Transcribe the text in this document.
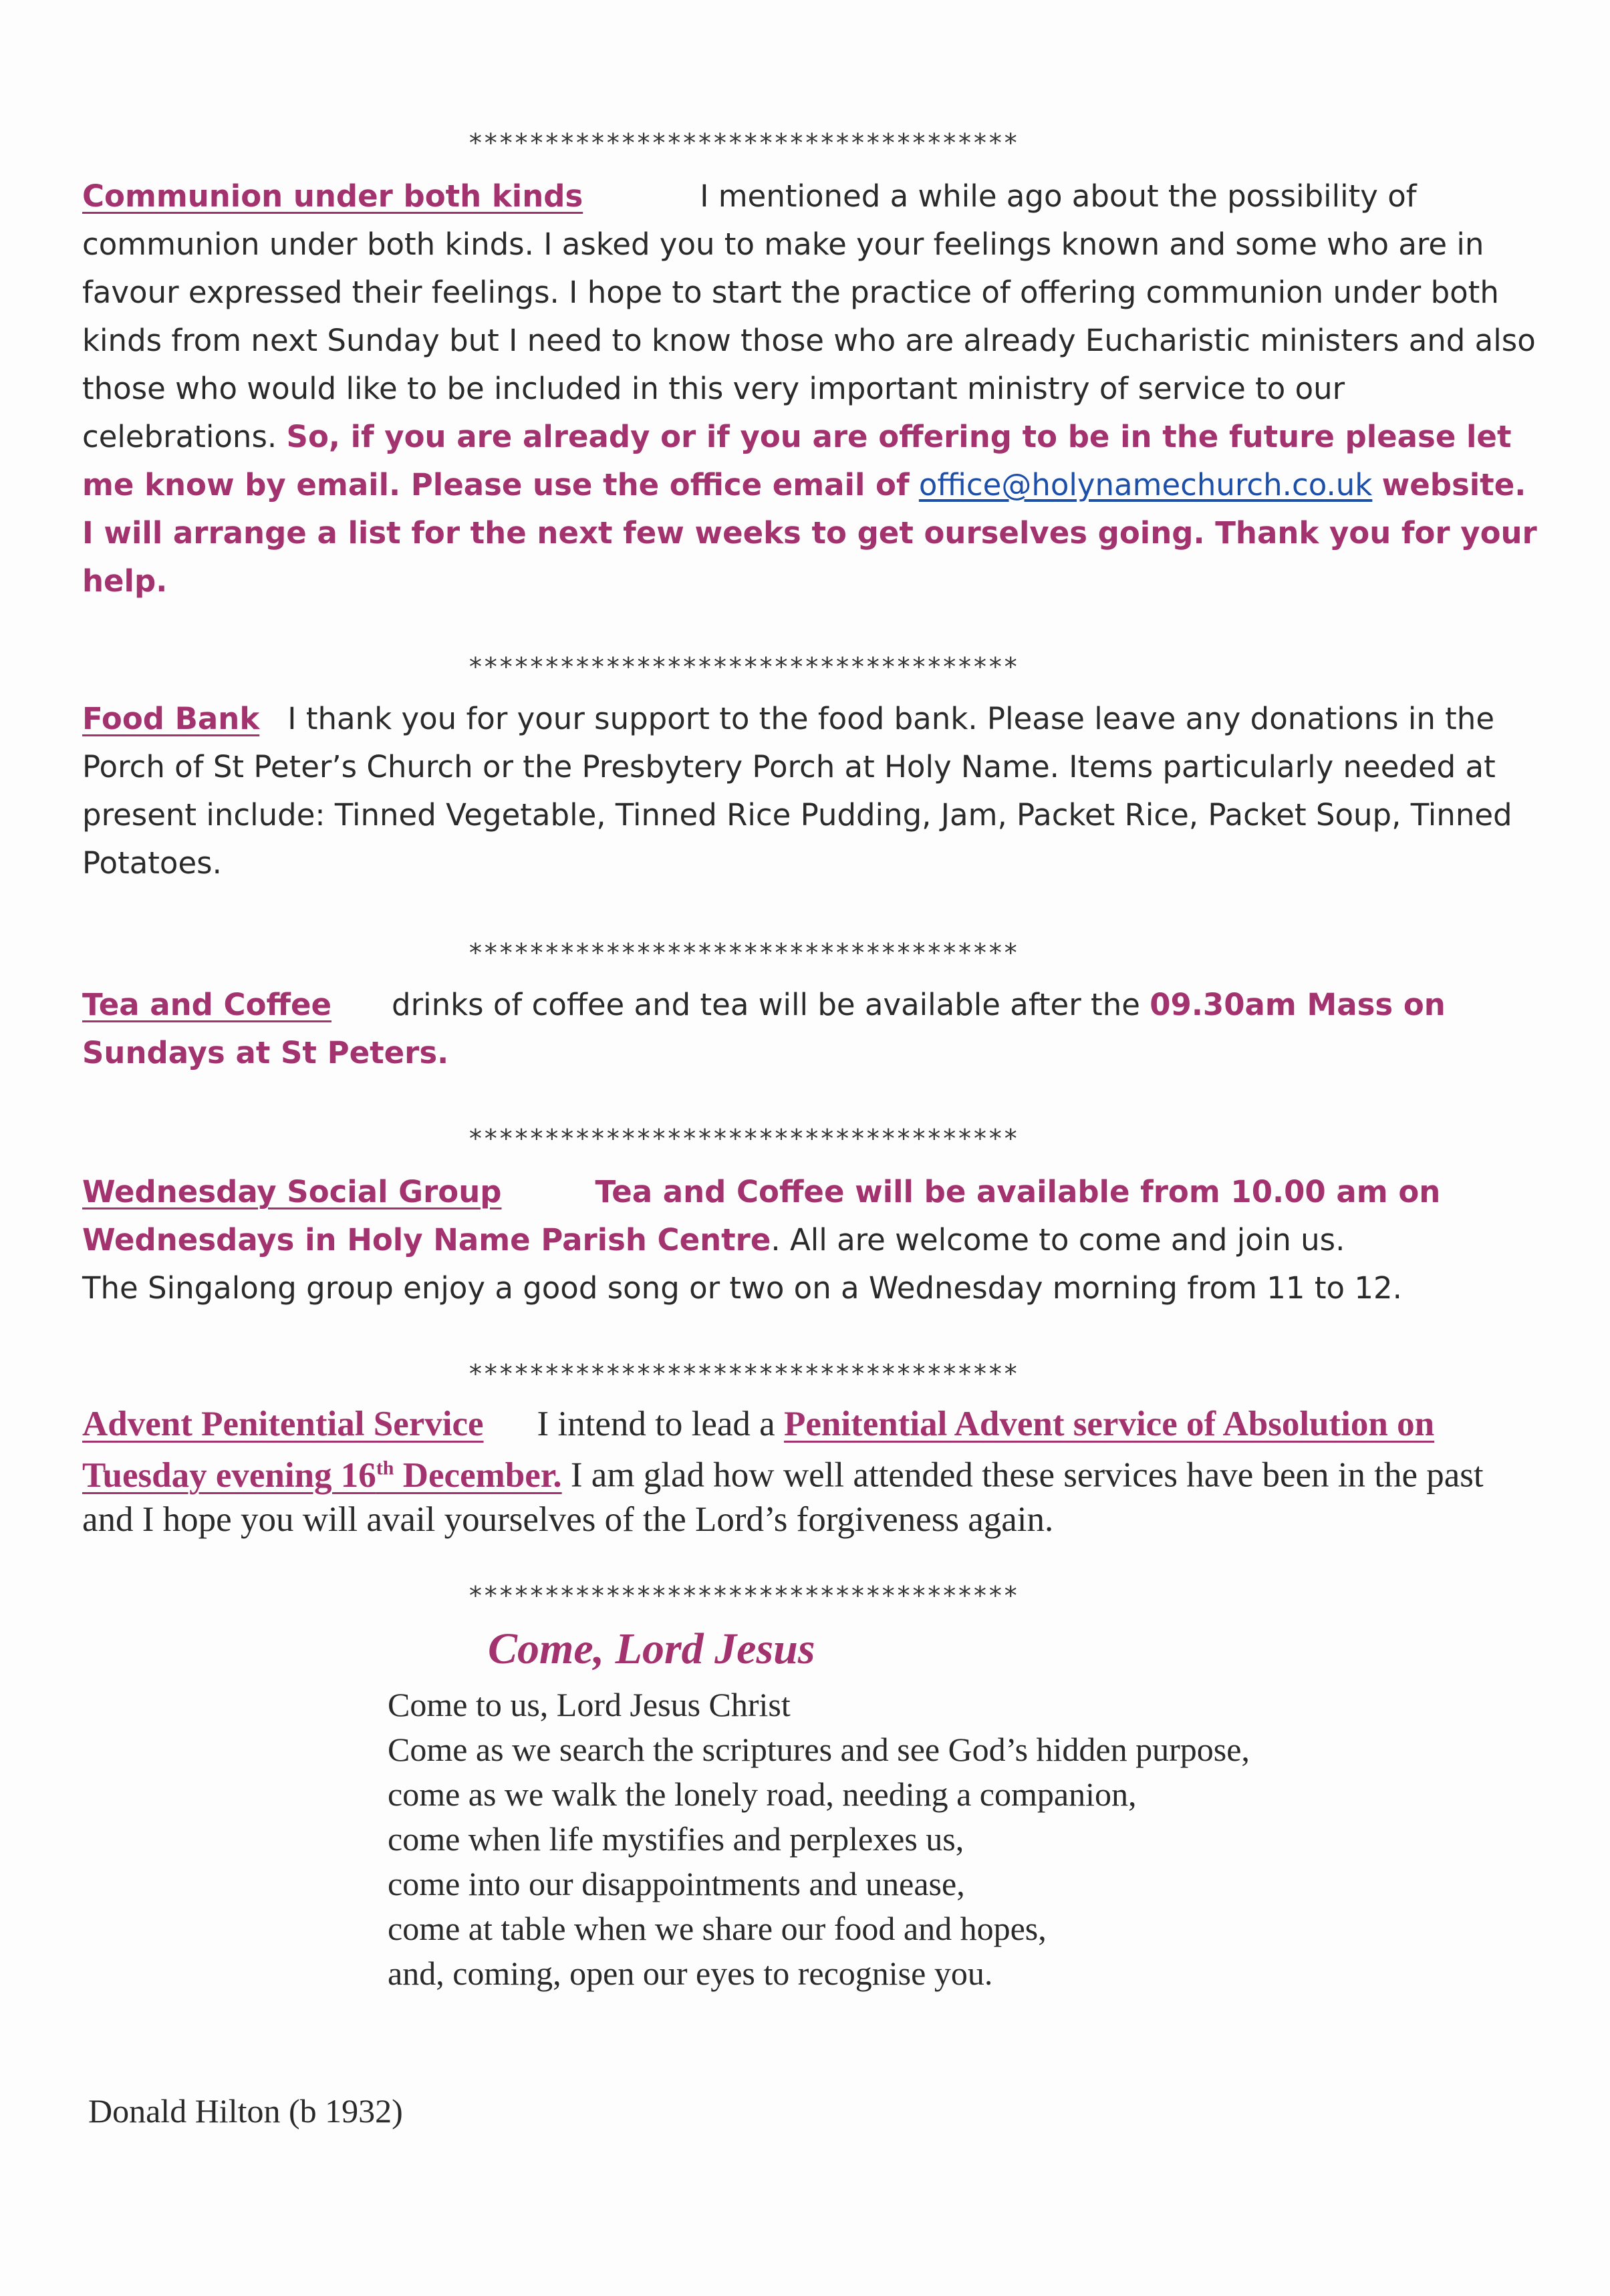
************************************
Communion under both kinds	I mentioned a while ago about the possibility of communion under both kinds. I asked you to make your feelings known and some who are in favour expressed their feelings. I hope to start the practice of offering communion under both kinds from next Sunday but I need to know those who are already Eucharistic ministers and also those who would like to be included in this very important ministry of service to our celebrations. So, if you are already or if you are offering to be in the future please let me know by email. Please use the office email of office@holynamechurch.co.uk website. I will arrange a list for the next few weeks to get ourselves going. Thank you for your help.
************************************
Food Bank I thank you for your support to the food bank. Please leave any donations in the Porch of St Peter’s Church or the Presbytery Porch at Holy Name. Items particularly needed at present include: Tinned Vegetable, Tinned Rice Pudding, Jam, Packet Rice, Packet Soup, Tinned Potatoes.
************************************
Tea and Coffee drinks of coffee and tea will be available after the 09.30am Mass on Sundays at St Peters.
************************************
Wednesday Social Group	Tea and Coffee will be available from 10.00 am on Wednesdays in Holy Name Parish Centre. All are welcome to come and join us.
The Singalong group enjoy a good song or two on a Wednesday morning from 11 to 12.
************************************
Advent Penitential Service I intend to lead a Penitential Advent service of Absolution on Tuesday evening 16th December. I am glad how well attended these services have been in the past and I hope you will avail yourselves of the Lord’s forgiveness again.
************************************
Come, Lord Jesus
Come to us, Lord Jesus Christ
Come as we search the scriptures and see God’s hidden purpose,
come as we walk the lonely road, needing a companion,
come when life mystifies and perplexes us,
come into our disappointments and unease,
come at table when we share our food and hopes,
and, coming, open our eyes to recognise you.
Donald Hilton (b 1932)
